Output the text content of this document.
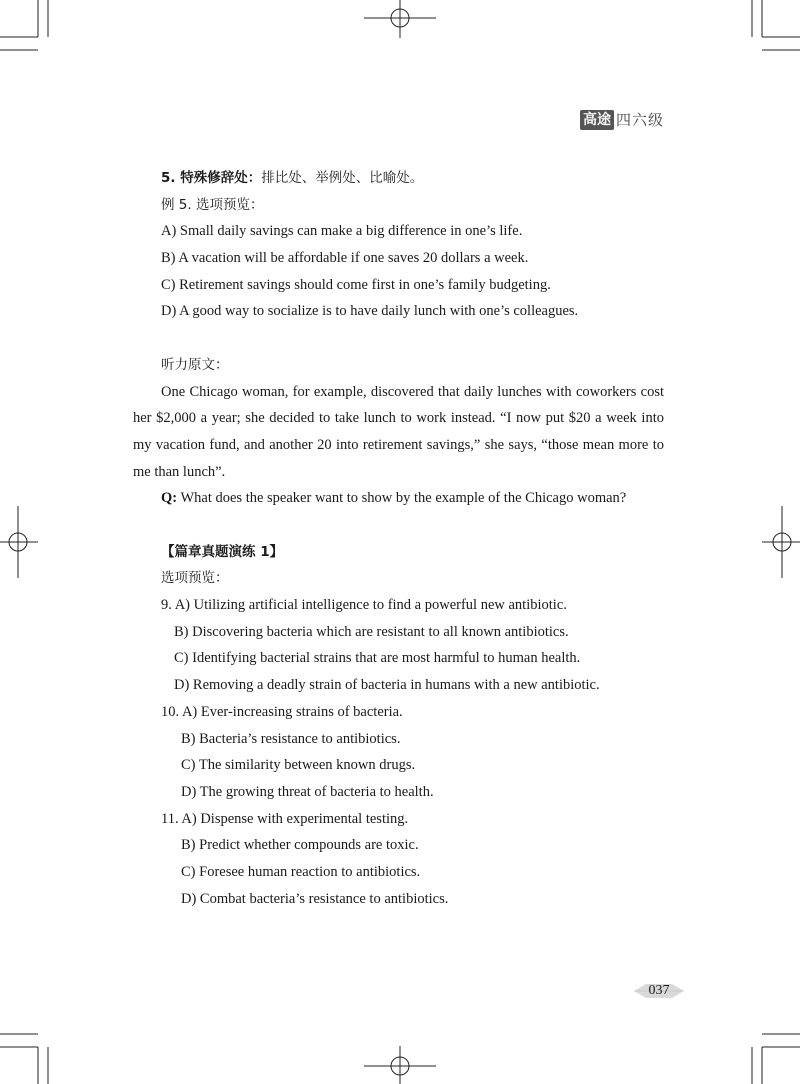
高途 四六级
5. 特殊修辞处：排比处、举例处、比喻处。
例 5. 选项预览：
A) Small daily savings can make a big difference in one’s life.
B) A vacation will be affordable if one saves 20 dollars a week.
C) Retirement savings should come first in one’s family budgeting.
D) A good way to socialize is to have daily lunch with one’s colleagues.
听力原文：
One Chicago woman, for example, discovered that daily lunches with coworkers cost her $2,000 a year; she decided to take lunch to work instead. “I now put $20 a week into my vacation fund, and another 20 into retirement savings,” she says, “those mean more to me than lunch”.
Q: What does the speaker want to show by the example of the Chicago woman?
【篇章真题演练 1】
选项预览：
9. A) Utilizing artificial intelligence to find a powerful new antibiotic.
B) Discovering bacteria which are resistant to all known antibiotics.
C) Identifying bacterial strains that are most harmful to human health.
D) Removing a deadly strain of bacteria in humans with a new antibiotic.
10. A) Ever-increasing strains of bacteria.
B) Bacteria’s resistance to antibiotics.
C) The similarity between known drugs.
D) The growing threat of bacteria to health.
11. A) Dispense with experimental testing.
B) Predict whether compounds are toxic.
C) Foresee human reaction to antibiotics.
D) Combat bacteria’s resistance to antibiotics.
037
